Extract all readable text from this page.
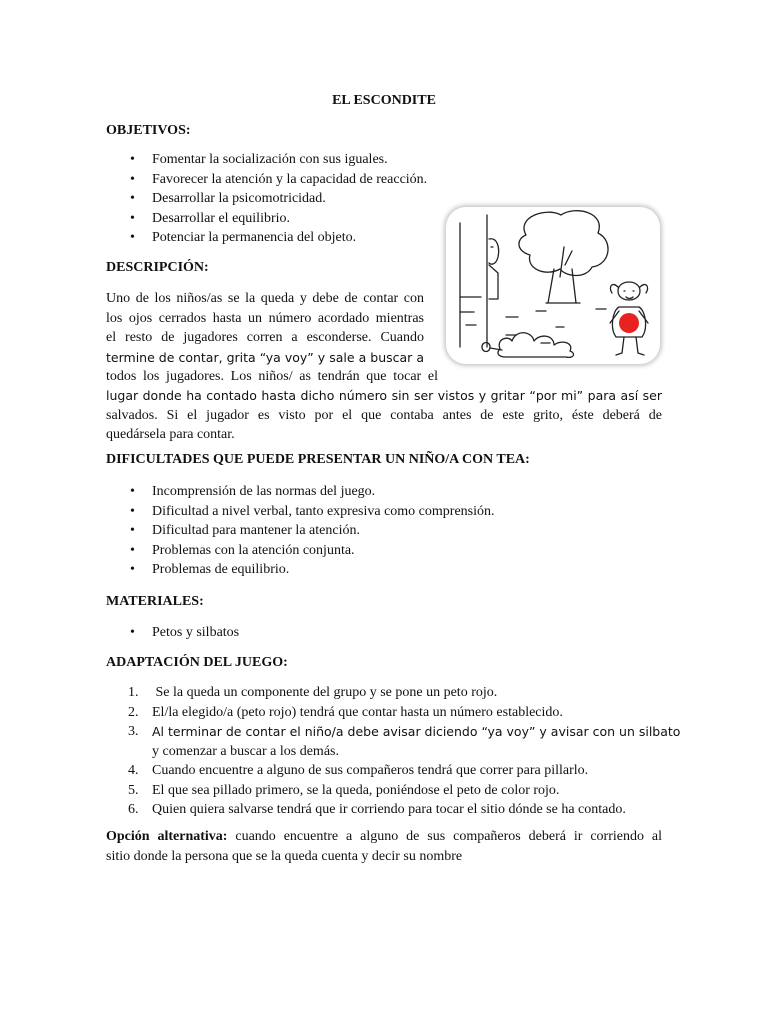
EL ESCONDITE
OBJETIVOS:
• Fomentar la socialización con sus iguales.
• Favorecer la atención y la capacidad de reacción.
• Desarrollar la psicomotricidad.
• Desarrollar el equilibrio.
• Potenciar la permanencia del objeto.
DESCRIPCIÓN:
Uno de los niños/as se la queda y debe de contar con
los ojos cerrados hasta un número acordado mientras
el resto de jugadores corren a esconderse. Cuando
termine de contar, grita “ya voy” y sale a buscar a
todos los jugadores. Los niños/ as tendrán que tocar el
lugar donde ha contado hasta dicho número sin ser vistos y gritar “por mi” para así ser
salvados. Si el jugador es visto por el que contaba antes de este grito, éste deberá de
quedársela para contar.
DIFICULTADES QUE PUEDE PRESENTAR UN NIÑO/A CON TEA:
• Incomprensión de las normas del juego.
• Dificultad a nivel verbal, tanto expresiva como comprensión.
• Dificultad para mantener la atención.
• Problemas con la atención conjunta.
• Problemas de equilibrio.
MATERIALES:
• Petos y silbatos
ADAPTACIÓN DEL JUEGO:
1. Se la queda un componente del grupo y se pone un peto rojo.
2. El/la elegido/a (peto rojo) tendrá que contar hasta un número establecido.
3. Al terminar de contar el niño/a debe avisar diciendo “ya voy” y avisar con un silbato
y comenzar a buscar a los demás.
4. Cuando encuentre a alguno de sus compañeros tendrá que correr para pillarlo.
5. El que sea pillado primero, se la queda, poniéndose el peto de color rojo.
6. Quien quiera salvarse tendrá que ir corriendo para tocar el sitio dónde se ha contado.
Opción alternativa: cuando encuentre a alguno de sus compañeros deberá ir corriendo al
sitio donde la persona que se la queda cuenta y decir su nombre
